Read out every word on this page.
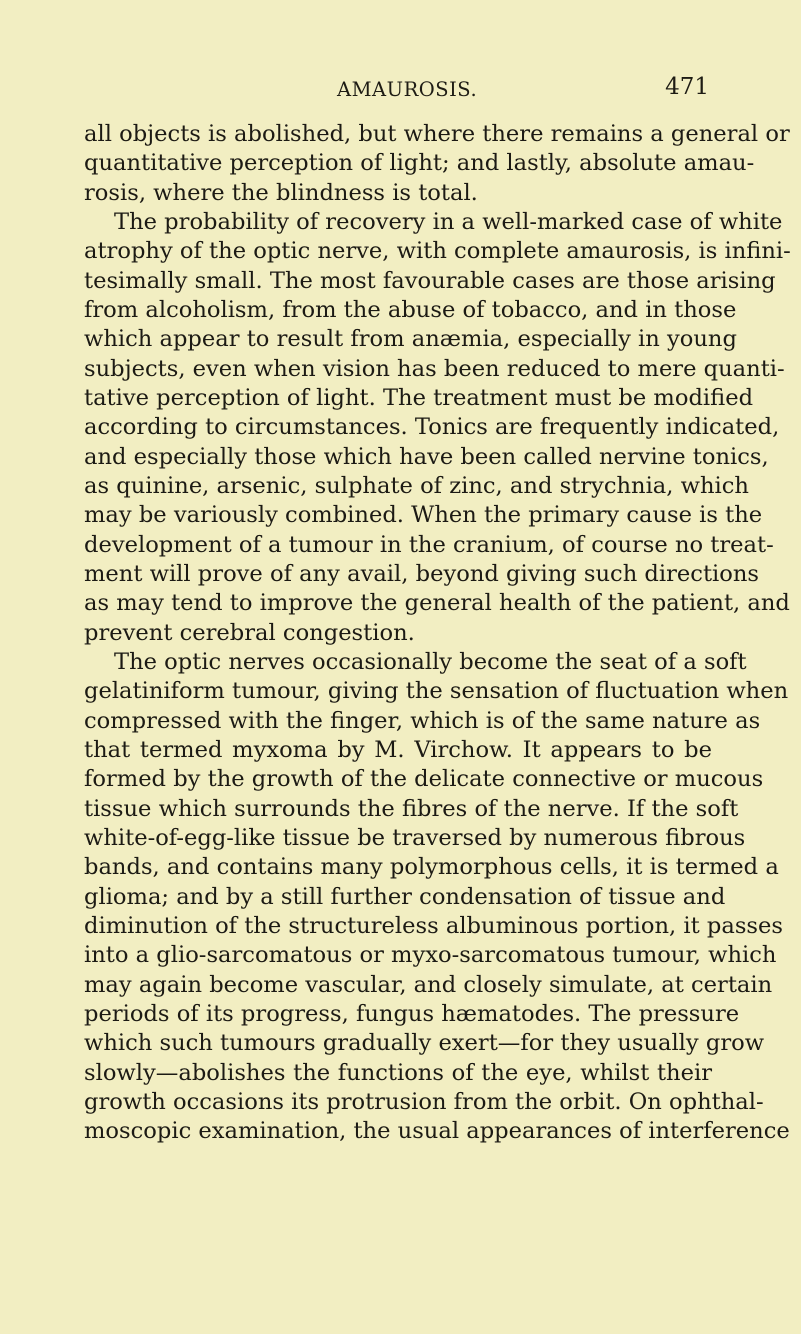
AMAUROSIS.	471
all objects is abolished, but where there remains a general or
quantitative perception of light; and lastly, absolute amau-
rosis, where the blindness is total.
The probability of recovery in a well-marked case of white
atrophy of the optic nerve, with complete amaurosis, is infini-
tesimally small. The most favourable cases are those arising
from alcoholism, from the abuse of tobacco, and in those
which appear to result from anæmia, especially in young
subjects, even when vision has been reduced to mere quanti-
tative perception of light. The treatment must be modified
according to circumstances. Tonics are frequently indicated,
and especially those which have been called nervine tonics,
as quinine, arsenic, sulphate of zinc, and strychnia, which
may be variously combined. When the primary cause is the
development of a tumour in the cranium, of course no treat-
ment will prove of any avail, beyond giving such directions
as may tend to improve the general health of the patient, and
prevent cerebral congestion.
The optic nerves occasionally become the seat of a soft
gelatiniform tumour, giving the sensation of fluctuation when
compressed with the finger, which is of the same nature as
that termed myxoma by M. Virchow. It appears to be
formed by the growth of the delicate connective or mucous
tissue which surrounds the fibres of the nerve. If the soft
white-of-egg-like tissue be traversed by numerous fibrous
bands, and contains many polymorphous cells, it is termed a
glioma; and by a still further condensation of tissue and
diminution of the structureless albuminous portion, it passes
into a glio-sarcomatous or myxo-sarcomatous tumour, which
may again become vascular, and closely simulate, at certain
periods of its progress, fungus hæmatodes. The pressure
which such tumours gradually exert—for they usually grow
slowly—abolishes the functions of the eye, whilst their
growth occasions its protrusion from the orbit. On ophthal-
moscopic examination, the usual appearances of interference
